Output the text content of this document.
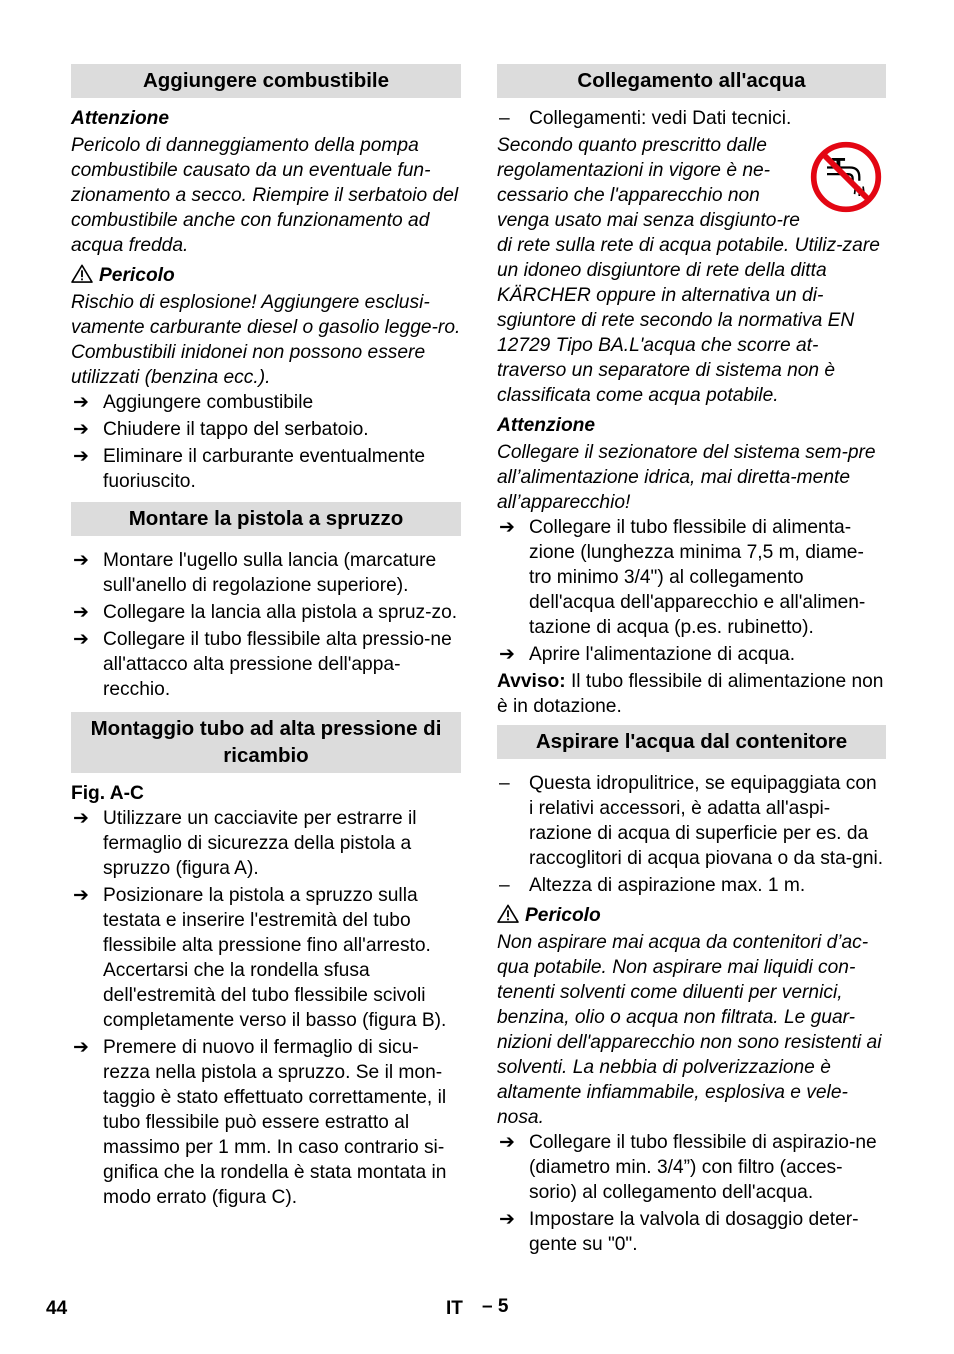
Aggiungere combustibile
Attenzione

Pericolo di danneggiamento della pompa combustibile causato da un eventuale fun-zionamento a secco. Riempire il serbatoio del combustibile anche con funzionamento ad acqua fredda.

Pericolo

Rischio di esplosione! Aggiungere esclusi-vamente carburante diesel o gasolio legge-ro. Combustibili inidonei non possono essere utilizzati (benzina ecc.).

➔ Aggiungere combustibile
➔ Chiudere il tappo del serbatoio.
➔ Eliminare il carburante eventualmente fuoriuscito.
Montare la pistola a spruzzo
➔ Montare l'ugello sulla lancia (marcature sull'anello di regolazione superiore).
➔ Collegare la lancia alla pistola a spruz-zo.
➔ Collegare il tubo flessibile alta pressio-ne all'attacco alta pressione dell'appa-recchio.
Montaggio tubo ad alta pressione di ricambio
Fig. A-C
➔ Utilizzare un cacciavite per estrarre il fermaglio di sicurezza della pistola a spruzzo (figura A).
➔ Posizionare la pistola a spruzzo sulla testata e inserire l'estremità del tubo flessibile alta pressione fino all'arresto. Accertarsi che la rondella sfusa dell'estremità del tubo flessibile scivoli completamente verso il basso (figura B).
➔ Premere di nuovo il fermaglio di sicu-rezza nella pistola a spruzzo. Se il mon-taggio è stato effettuato correttamente, il tubo flessibile può essere estratto al massimo per 1 mm. In caso contrario si-gnifica che la rondella è stata montata in modo errato (figura C).
Collegamento all'acqua
– Collegamenti: vedi Dati tecnici.
Secondo quanto prescritto dalle regolamentazioni in vigore è ne-cessario che l'apparecchio non venga usato mai senza disgiunto-re di rete sulla rete di acqua potabile. Utiliz-zare un idoneo disgiuntore di rete della ditta KÄRCHER oppure in alternativa un di-sgiuntore di rete secondo la normativa EN 12729 Tipo BA.L'acqua che scorre at-traverso un separatore di sistema non è classificata come acqua potabile.
Attenzione

Collegare il sezionatore del sistema sem-pre all’alimentazione idrica, mai diretta-mente all’apparecchio!

➔ Collegare il tubo flessibile di alimenta-zione (lunghezza minima 7,5 m, diame-tro minimo 3/4") al collegamento dell'acqua dell'apparecchio e all'alimen-tazione di acqua (p.es. rubinetto).
➔ Aprire l'alimentazione di acqua.

Avviso: Il tubo flessibile di alimentazione non è in dotazione.

Aspirare l'acqua dal contenitore
– Questa idropulitrice, se equipaggiata con i relativi accessori, è adatta all'aspi-razione di acqua di superficie per es. da raccoglitori di acqua piovana o da sta-gni.
– Altezza di aspirazione max. 1 m.
Pericolo

Non aspirare mai acqua da contenitori d’ac-qua potabile. Non aspirare mai liquidi con-tenenti solventi come diluenti per vernici, benzina, olio o acqua non filtrata. Le guar-nizioni dell'apparecchio non sono resistenti ai solventi. La nebbia di polverizzazione è altamente infiammabile, esplosiva e vele-nosa.

➔ Collegare il tubo flessibile di aspirazio-ne (diametro min. 3/4”) con filtro (acces-sorio) al collegamento dell'acqua.
➔ Impostare la valvola di dosaggio deter-gente su "0".
44	IT – 5
